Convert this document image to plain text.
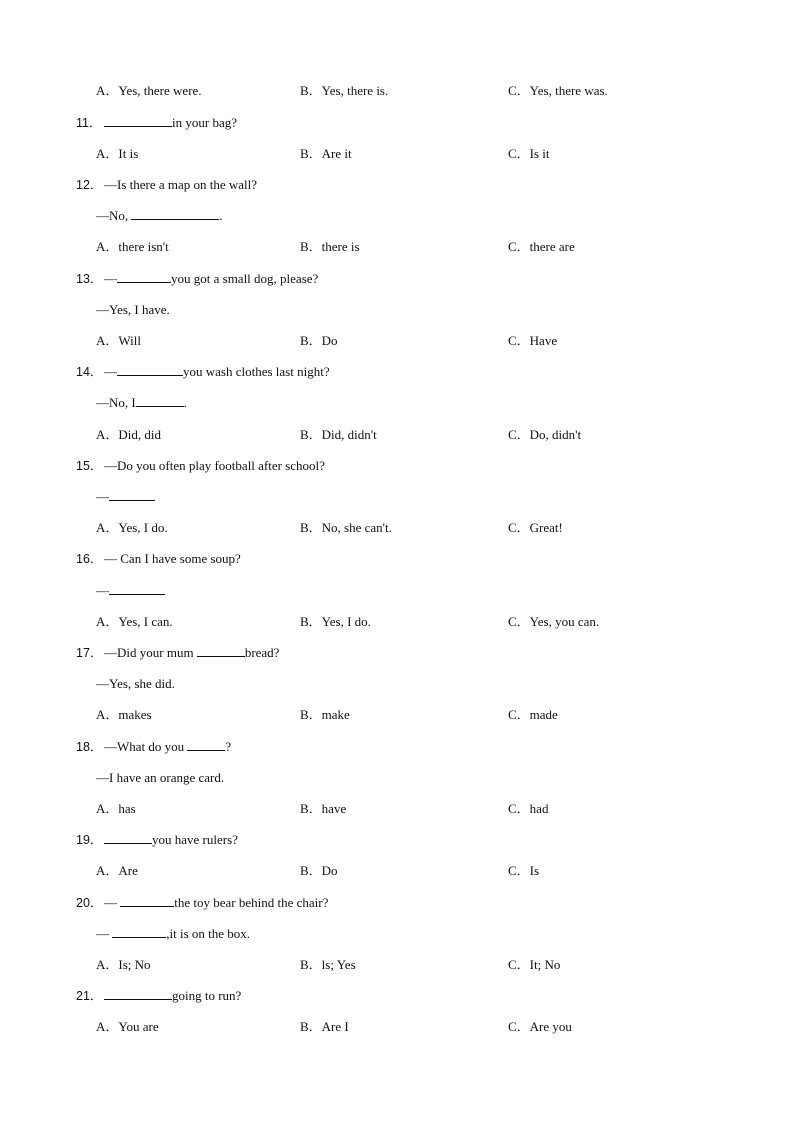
A．Yes, there were.	B．Yes, there is.	C．Yes, there was.
11．	in your bag?
A．It is	B．Are it	C．Is it
12． —Is there a map on the wall?
—No,	.
A．there isn't	B．there is	C．there are
13． —	you got a small dog, please?
—Yes, I have.
A．Will	B．Do	C．Have
14． —	you wash clothes last night?
—No, I	.
A．Did, did	B．Did, didn't	C．Do, didn't
15． —Do you often play football after school?
—
A．Yes, I do.	B．No, she can't.	C．Great!
16． — Can I have some soup?
—
A．Yes, I can.	B．Yes, I do.	C．Yes, you can.
17． —Did your mum	bread?
—Yes, she did.
A．makes	B．make	C．made
18． —What do you	?
—I have an orange card.
A．has	B．have	C．had
19．	you have rulers?
A．Are	B．Do	C．Is
20． —	the toy bear behind the chair?
—	,it is on the box.
A．Is; No	B．ls; Yes	C．It; No
21．	going to run?
A．You are	B．Are I	C．Are you
